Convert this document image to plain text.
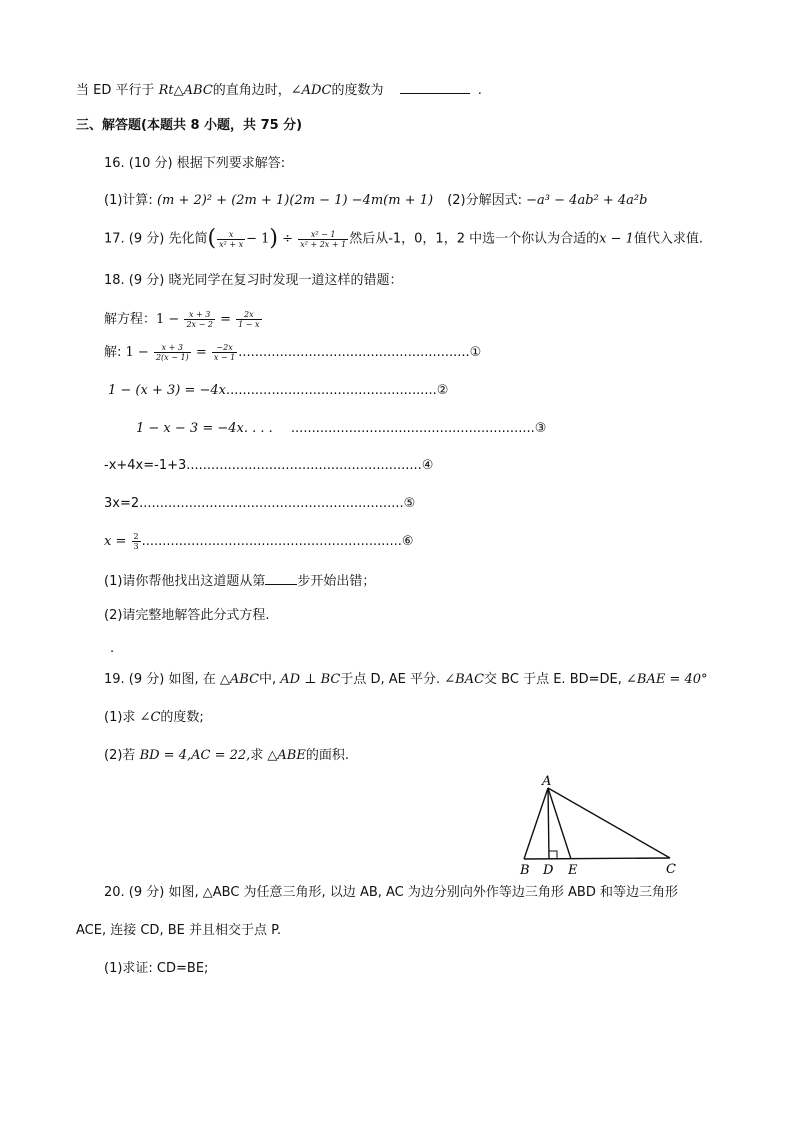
当 ED 平行于 Rt△ABC的直角边时，∠ADC的度数为	.
三、解答题(本题共 8 小题，共 75 分)
16. (10 分) 根据下列要求解答:
(1)计算: (m + 2)² + (2m + 1)(2m − 1) −4m(m + 1) (2)分解因式: −a³ − 4ab² + 4a²b
17. (9 分) 先化简( $\frac{x}{\text{x² + x}} - 1) \div \frac{\text{x² − 1}}{\text{x² + 2x + 1}}$ 然后从-1，0，1，2 中选一个你认为合适的x − 1值代入求值.
18. (9 分) 晓光同学在复习时发现一道这样的错题：
解方程：$1 - \frac{x + 3}{2x - 2} = \frac{2x}{1 - x}$
解: $1 - \frac{x + 3}{2(x - 1)} = \frac{-2x}{x - 1}$ ........................................................①
1 − (x + 3) = −4x...................................................②
1 − x − 3 = −4x. . . . ...........................................................③
-x+4x=-1+3.........................................................④
3x=2................................................................⑤
$x = \frac{2}{3}$ ...............................................................⑥
(1)请你帮他找出这道题从第 步开始出错；
(2)请完整地解答此分式方程.
.
19. (9 分) 如图, 在 △ABC中, AD ⊥ BC于点 D, AE 平分. ∠BAC交 BC 于点 E. BD=DE, ∠BAE = 40°
(1)求 ∠C的度数;
(2)若 BD = 4,AC = 22,求 △ABE的面积.
A
B D E	C
20. (9 分) 如图, △ABC 为任意三角形, 以边 AB, AC 为边分别向外作等边三角形 ABD 和等边三角形
ACE, 连接 CD, BE 并且相交于点 P.
(1)求证: CD=BE;
